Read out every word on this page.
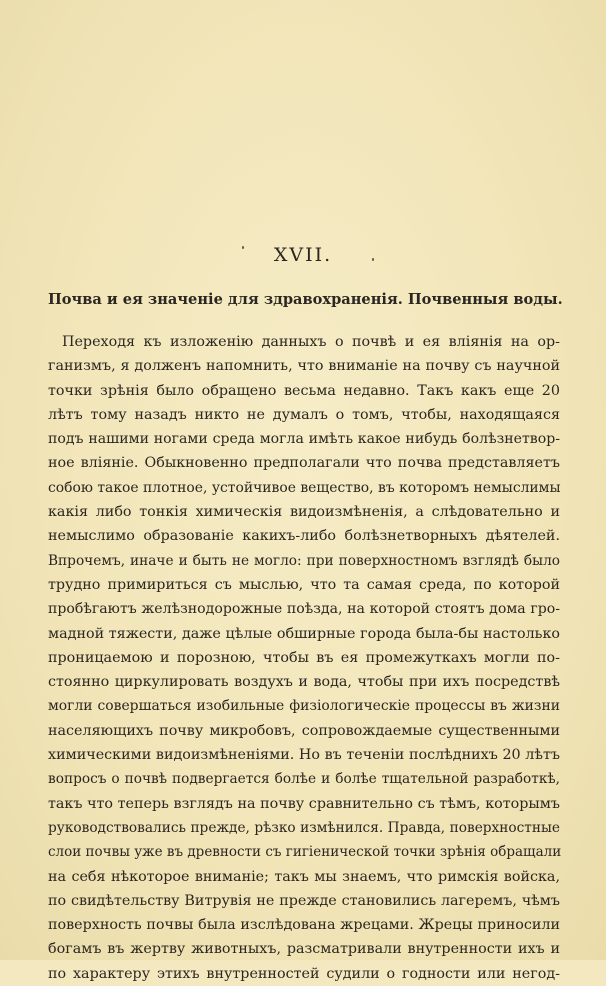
XVII.
Почва и ея значеніе для здравохраненія. Почвенныя воды.

Переходя къ изложенію данныхъ о почвѣ и ея вліянія на ор-

ганизмъ, я долженъ напомнить, что вниманіе на почву съ научной

точки зрѣнія было обращено весьма недавно. Такъ какъ еще 20

лѣтъ тому назадъ никто не думалъ о томъ, чтобы, находящаяся

подъ нашими ногами среда могла имѣть какое нибудь болѣзнетвор-

ное вліяніе. Обыкновенно предполагали что почва представляетъ

собою такое плотное, устойчивое вещество, въ которомъ немыслимы

какія либо тонкія химическія видоизмѣненія, а слѣдовательно и

немыслимо образованіе какихъ-либо болѣзнетворныхъ дѣятелей.

Впрочемъ, иначе и быть не могло: при поверхностномъ взглядѣ было

трудно примириться съ мыслью, что та самая среда, по которой

пробѣгаютъ желѣзнодорожные поѣзда, на которой стоятъ дома гро-

мадной тяжести, даже цѣлые обширные города была-бы настолько

проницаемою и порозною, чтобы въ ея промежуткахъ могли по-

стоянно циркулировать воздухъ и вода, чтобы при ихъ посредствѣ

могли совершаться изобильные физіологическіе процессы въ жизни

населяющихъ почву микробовъ, сопровождаемые существенными

химическими видоизмѣненіями. Но въ теченіи послѣднихъ 20 лѣтъ

вопросъ о почвѣ подвергается болѣе и болѣе тщательной разработкѣ,

такъ что теперь взглядъ на почву сравнительно съ тѣмъ, которымъ

руководствовались прежде, рѣзко измѣнился. Правда, поверхностные

слои почвы уже въ древности съ гигіенической точки зрѣнія обращали

на себя нѣкоторое вниманіе; такъ мы знаемъ, что римскія войска,

по свидѣтельству Витрувія не прежде становились лагеремъ, чѣмъ

поверхность почвы была изслѣдована жрецами. Жрецы приносили

богамъ въ жертву животныхъ, разсматривали внутренности ихъ и

по характеру этихъ внутренностей судили о годности или негод-
